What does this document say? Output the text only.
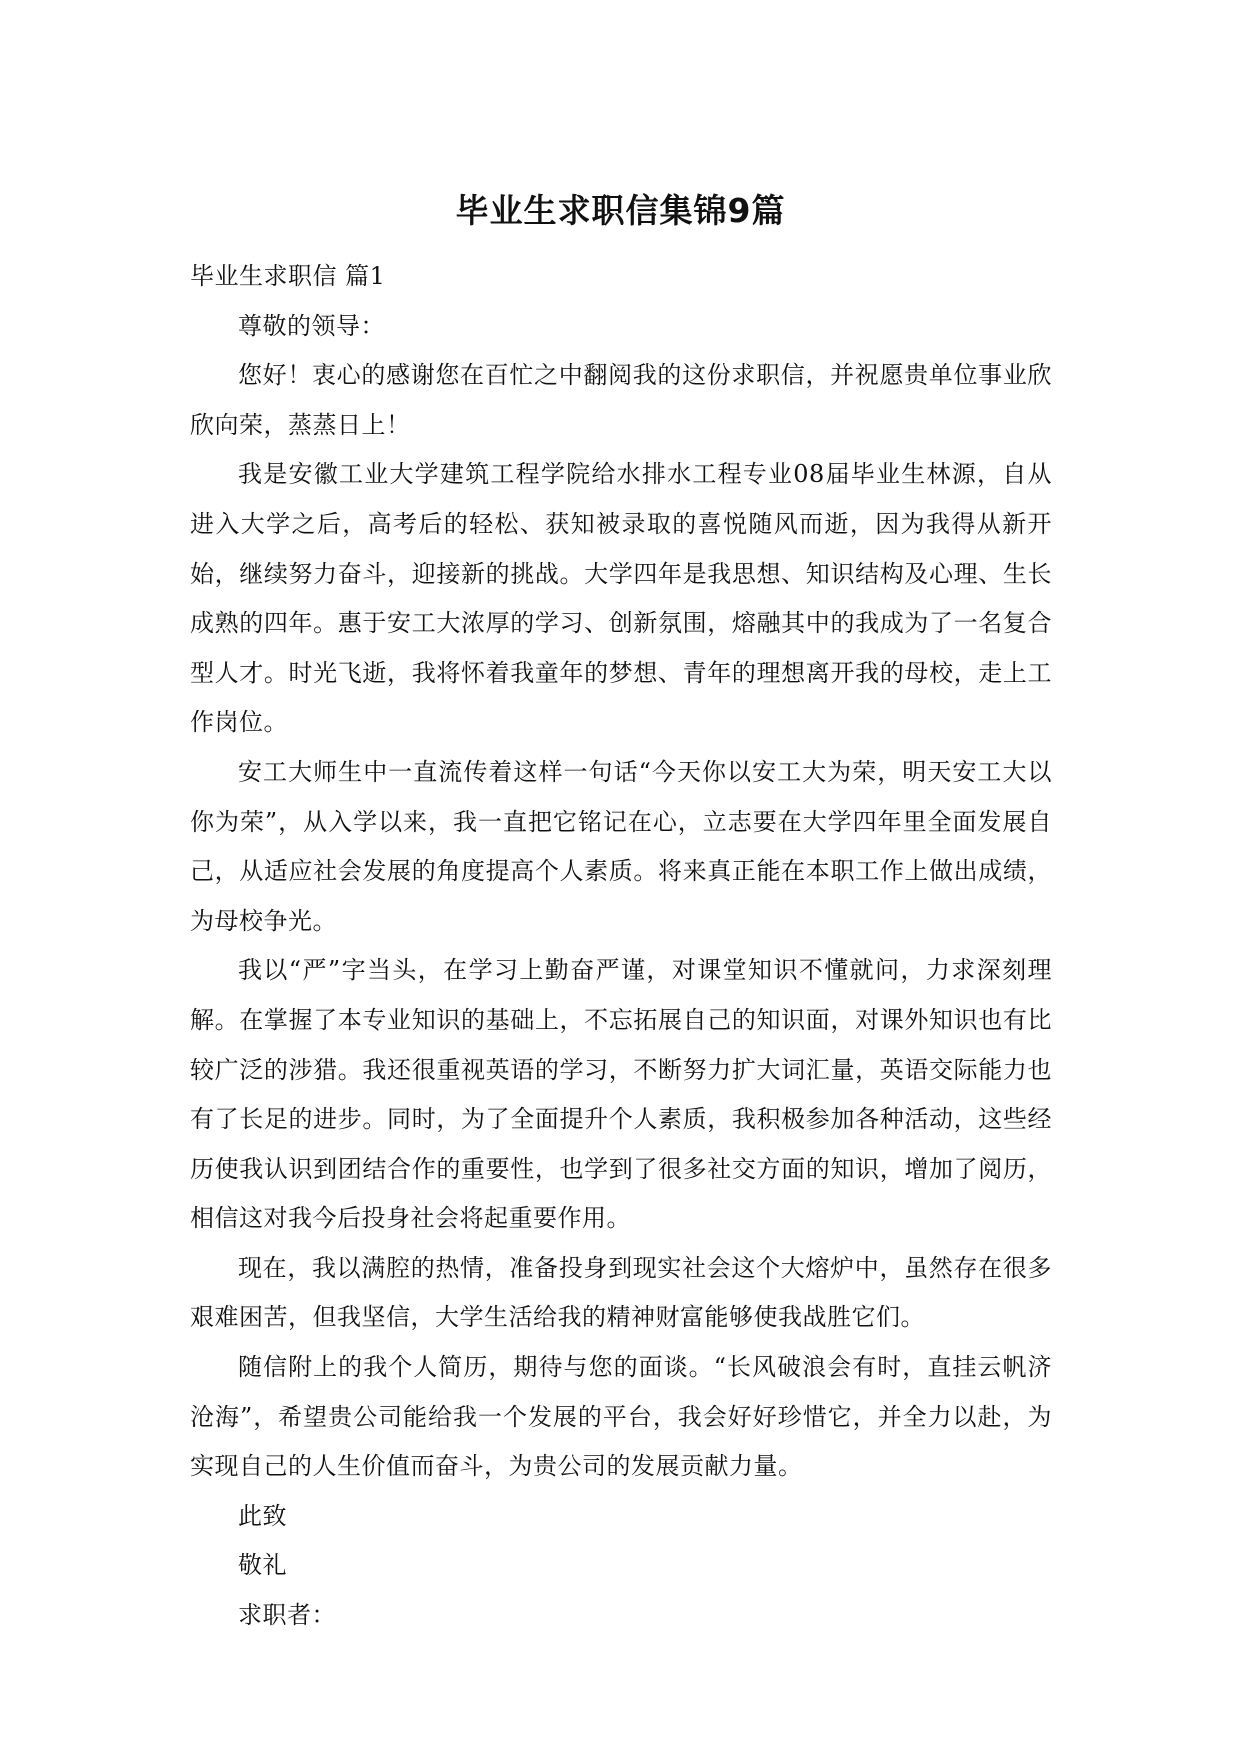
毕业生求职信集锦9篇

毕业生求职信 篇1

尊敬的领导：

您好！衷心的感谢您在百忙之中翻阅我的这份求职信，并祝愿贵单位事业欣欣向荣，蒸蒸日上！

我是安徽工业大学建筑工程学院给水排水工程专业08届毕业生林源，自从进入大学之后，高考后的轻松、获知被录取的喜悦随风而逝，因为我得从新开始，继续努力奋斗，迎接新的挑战。大学四年是我思想、知识结构及心理、生长成熟的四年。惠于安工大浓厚的学习、创新氛围，熔融其中的我成为了一名复合型人才。时光飞逝，我将怀着我童年的梦想、青年的理想离开我的母校，走上工作岗位。

安工大师生中一直流传着这样一句话“今天你以安工大为荣，明天安工大以你为荣”，从入学以来，我一直把它铭记在心，立志要在大学四年里全面发展自己，从适应社会发展的角度提高个人素质。将来真正能在本职工作上做出成绩，为母校争光。

我以“严”字当头，在学习上勤奋严谨，对课堂知识不懂就问，力求深刻理解。在掌握了本专业知识的基础上，不忘拓展自己的知识面，对课外知识也有比较广泛的涉猎。我还很重视英语的学习，不断努力扩大词汇量，英语交际能力也有了长足的进步。同时，为了全面提升个人素质，我积极参加各种活动，这些经历使我认识到团结合作的重要性，也学到了很多社交方面的知识，增加了阅历，相信这对我今后投身社会将起重要作用。

现在，我以满腔的热情，准备投身到现实社会这个大熔炉中，虽然存在很多艰难困苦，但我坚信，大学生活给我的精神财富能够使我战胜它们。

随信附上的我个人简历，期待与您的面谈。“长风破浪会有时，直挂云帆济沧海”，希望贵公司能给我一个发展的平台，我会好好珍惜它，并全力以赴，为实现自己的人生价值而奋斗，为贵公司的发展贡献力量。

此致

敬礼

求职者：
